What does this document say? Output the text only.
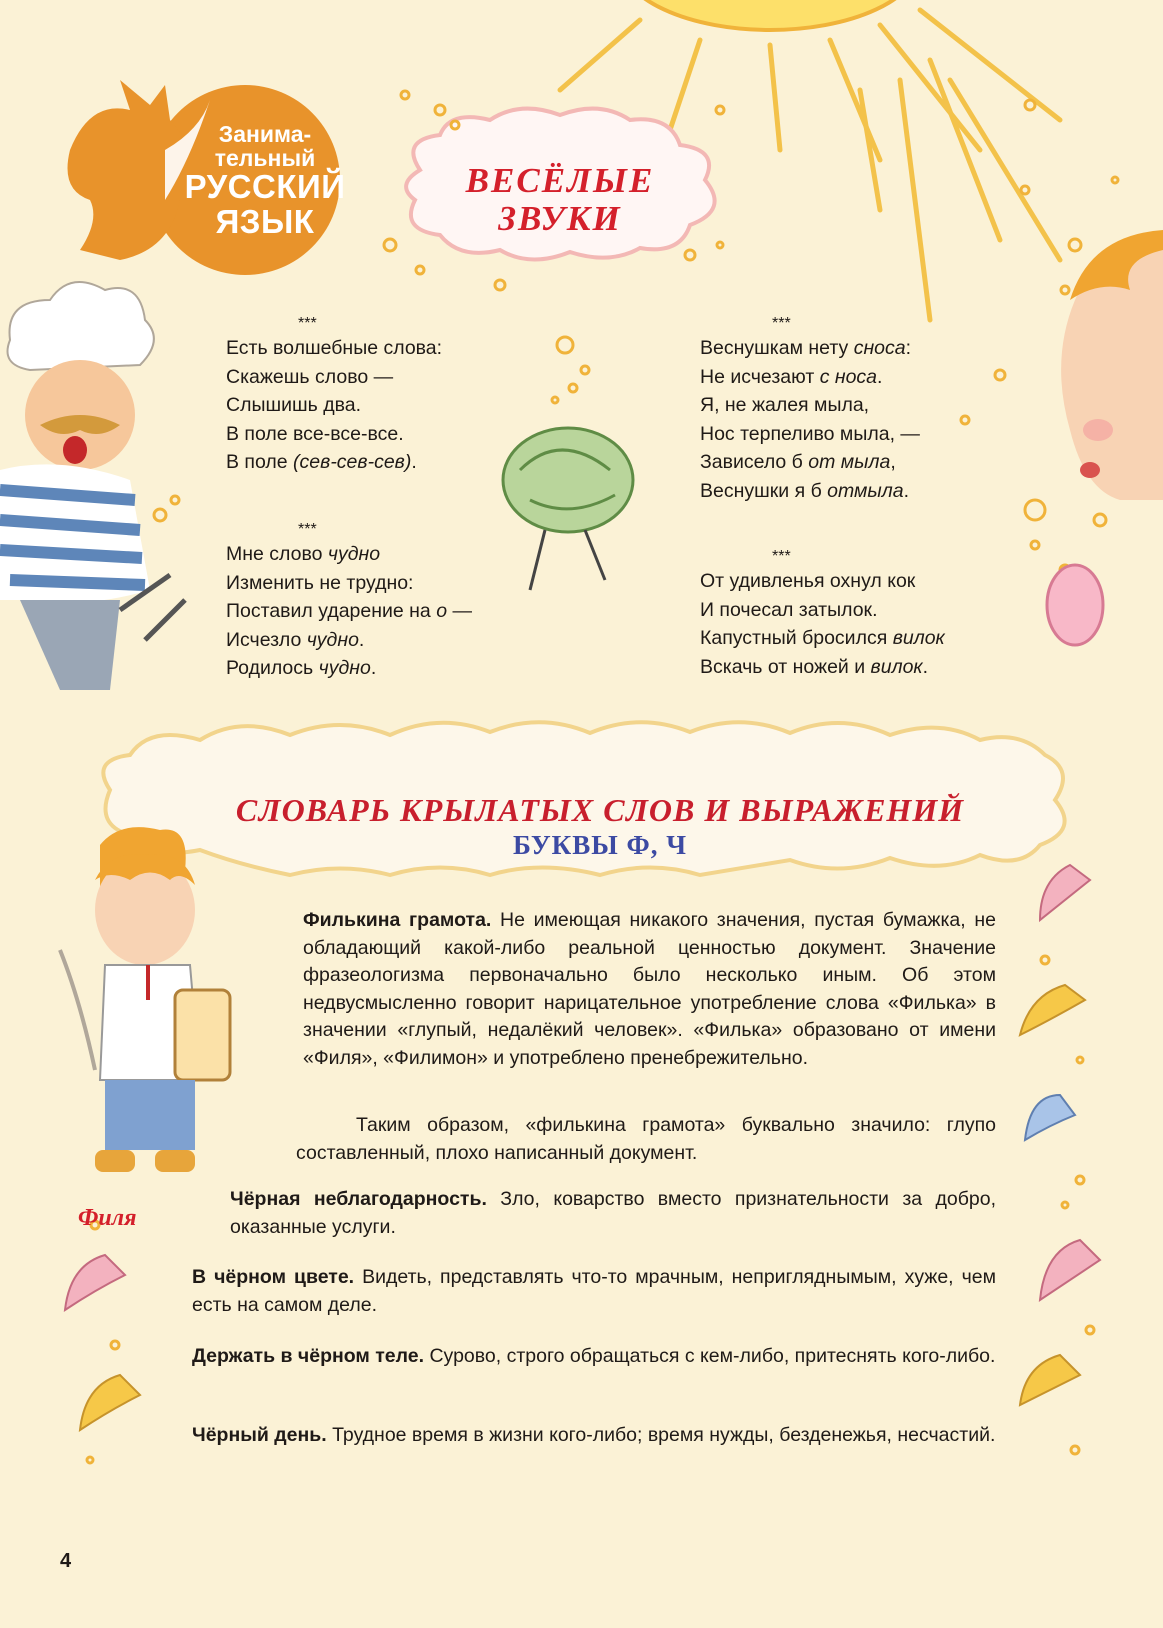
Занима-
тельный
РУССКИЙ
ЯЗЫК
ВЕСЁЛЫЕ
ЗВУКИ
***
Есть волшебные слова:
Скажешь слово —
Слышишь два.
В поле все-все-все.
В поле (сев-сев-сев).
***
Мне слово чудно
Изменить не трудно:
Поставил ударение на о —
Исчезло чудно.
Родилось чудно.
***
Веснушкам нету сноса:
Не исчезают с носа.
Я, не жалея мыла,
Нос терпеливо мыла, —
Зависело б от мыла,
Веснушки я б отмыла.
***
От удивленья охнул кок
И почесал затылок.
Капустный бросился вилок
Вскачь от ножей и вилок.
СЛОВАРЬ КРЫЛАТЫХ СЛОВ И ВЫРАЖЕНИЙ
БУКВЫ Ф, Ч
Филя
Филькина грамота. Не имеющая никакого значения, пустая бумажка, не обладающий какой-либо реальной ценностью документ. Значение фразеологизма первоначально было несколько иным. Об этом недвусмысленно говорит нарицательное употребление слова «Филька» в значении «глупый, недалёкий человек». «Филька» образовано от имени «Филя», «Филимон» и употреблено пренебрежительно.
Таким образом, «филькина грамота» буквально значило: глупо составленный, плохо написанный документ.
Чёрная неблагодарность. Зло, коварство вместо признательности за добро, оказанные услуги.
В чёрном цвете. Видеть, представлять что-то мрачным, непригляднымым, хуже, чем есть на самом деле.
Держать в чёрном теле. Сурово, строго обращаться с кем-либо, притеснять кого-либо.
Чёрный день. Трудное время в жизни кого-либо; время нужды, безденежья, несчастий.
4
